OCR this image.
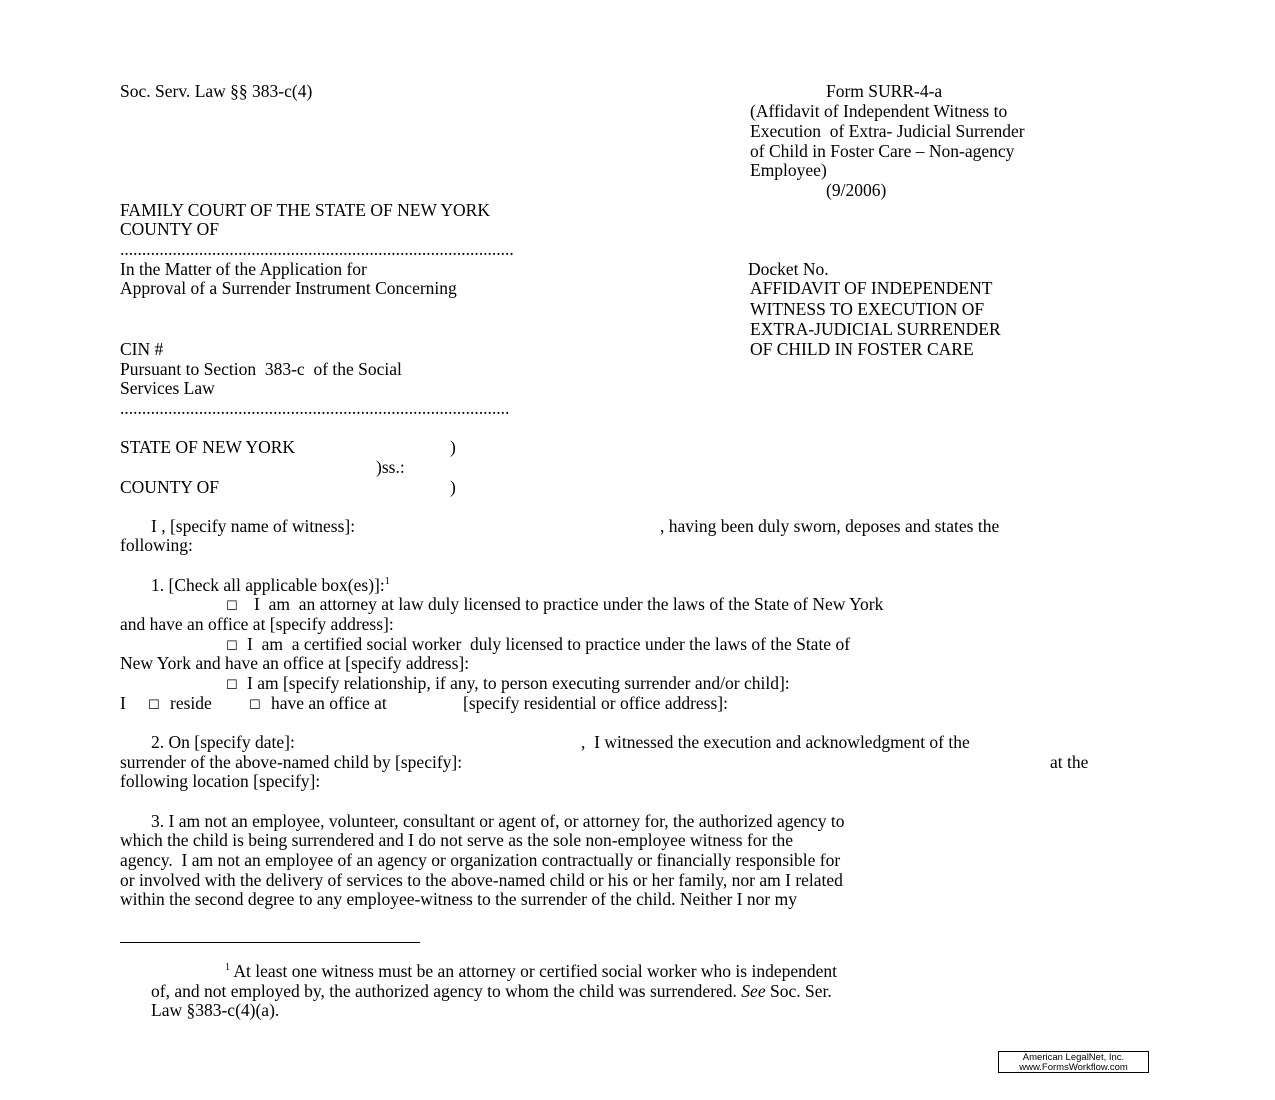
Soc. Serv. Law §§ 383-c(4)	Form SURR-4-a
(Affidavit of Independent Witness to
Execution  of Extra- Judicial Surrender
of Child in Foster Care – Non-agency
Employee)
(9/2006)
FAMILY COURT OF THE STATE OF NEW YORK
COUNTY OF
..........................................................................................
In the Matter of the Application for
Approval of a Surrender Instrument Concerning
Docket No.
AFFIDAVIT OF INDEPENDENT
WITNESS TO EXECUTION OF
EXTRA-JUDICIAL SURRENDER
OF CHILD IN FOSTER CARE
CIN #
Pursuant to Section  383-c  of the Social
Services Law
.........................................................................................
STATE OF NEW YORK	)
)ss.:
COUNTY OF	)
I , [specify name of witness]:	, having been duly sworn, deposes and states the
following:
1. [Check all applicable box(es)]:$^1$
☐ I  am  an attorney at law duly licensed to practice under the laws of the State of New York
and have an office at [specify address]:
☐ I  am  a certified social worker  duly licensed to practice under the laws of the State of
New York and have an office at [specify address]:
☐ I am [specify relationship, if any, to person executing surrender and/or child]:
I ☐ reside	☐ have an office at	[specify residential or office address]:
2. On [specify date]:	,  I witnessed the execution and acknowledgment of the
surrender of the above-named child by [specify]:	at the
following location [specify]:
3. I am not an employee, volunteer, consultant or agent of, or attorney for, the authorized agency to
which the child is being surrendered and I do not serve as the sole non-employee witness for the
agency.  I am not an employee of an agency or organization contractually or financially responsible for
or involved with the delivery of services to the above-named child or his or her family, nor am I related
within the second degree to any employee-witness to the surrender of the child. Neither I nor my
$^1$ At least one witness must be an attorney or certified social worker who is independent
of, and not employed by, the authorized agency to whom the child was surrendered. See Soc. Ser.
Law §383-c(4)(a).
American LegalNet, Inc.
www.FormsWorkflow.com
